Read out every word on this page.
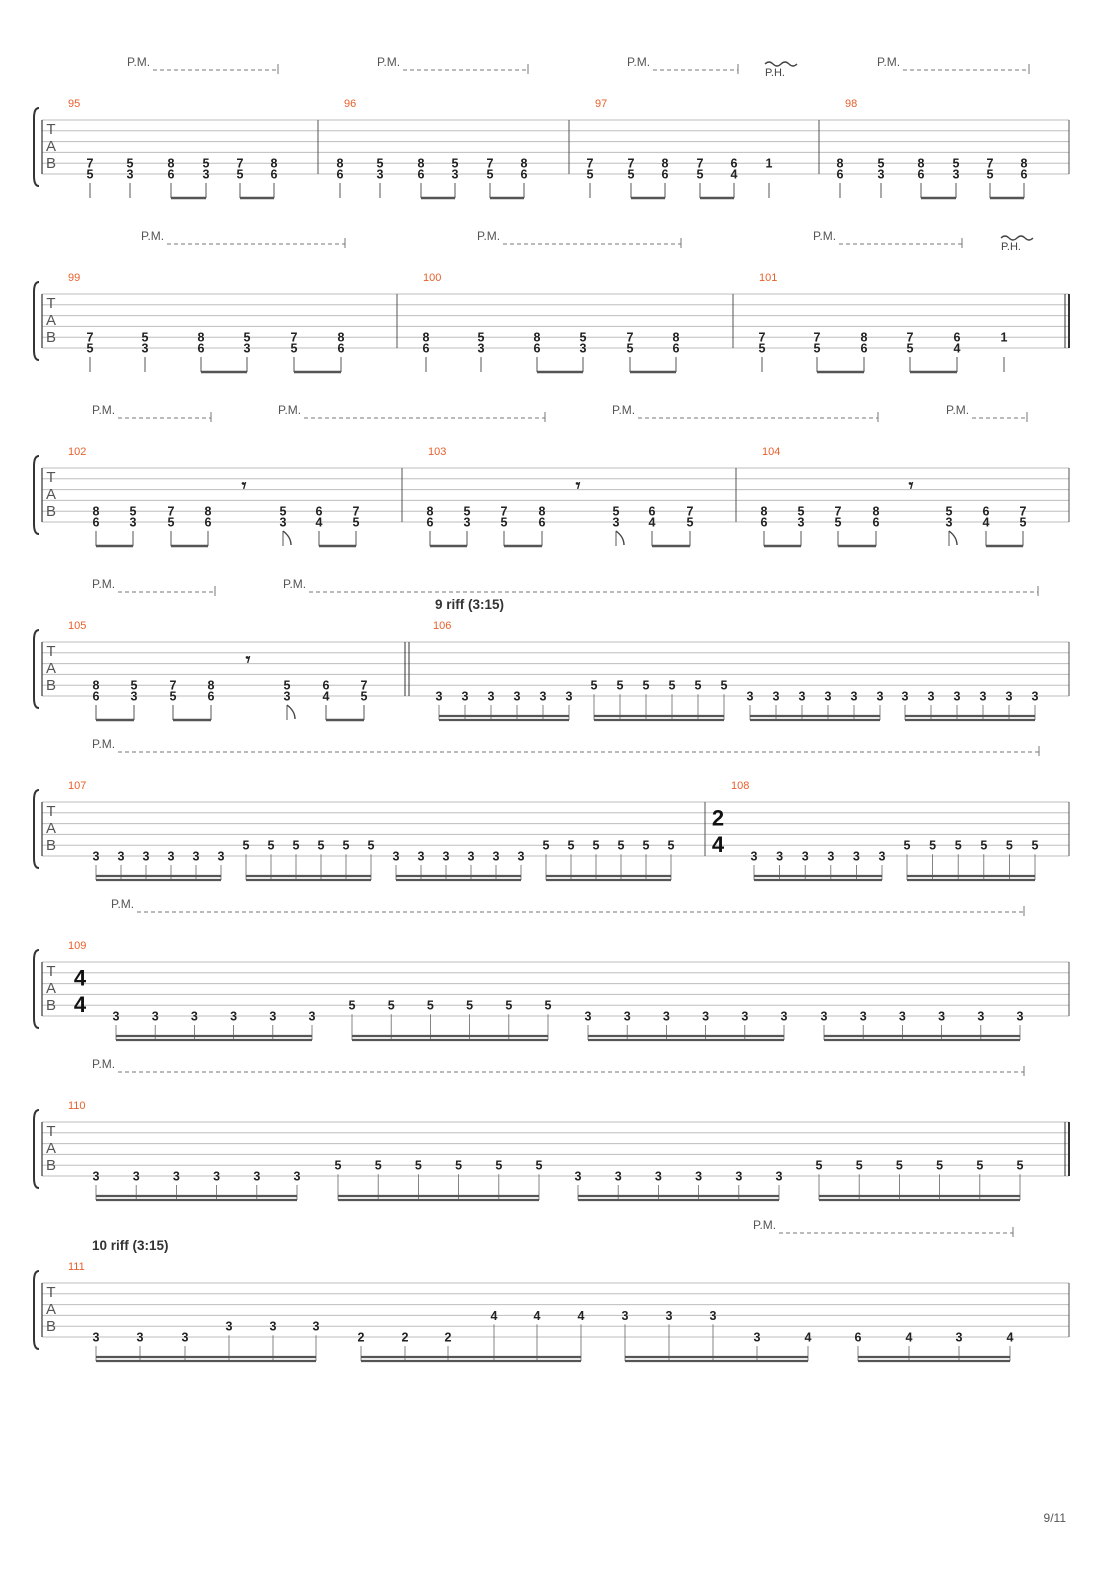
T
A
B
P.M.	P.M.	P.M.
P.H.
P.M.
95
7
5
5
3
8
6
5
3
7
5
8
6
96
8
6
5
3
8
6
5
3
7
5
8
6
97
7
5
7
5
8
6
7
5
6
4
1
98
8
6
5
3
8
6
5
3
7
5
8
6
T
A
B
P.M.	P.M.	P.M.
P.H.
99
7
5
5
3
8
6
5
3
7
5
8
6
100
8
6
5
3
8
6
5
3
7
5
8
6
101
7
5
7
5
8
6
7
5
6
4
1
T
A
B
P.M.	P.M.	P.M.	P.M.
102
8
6
5
3
7
5
8
6
5
3
6
4
7
5
103
8
6
5
3
7
5
8
6
5
3
6
4
7
5
104
8
6
5
3
7
5
8
6
5
3
6
4
7
5
𝄾	𝄾	𝄾
T
A
B
P.M.	P.M.
9 riff (3:15)
105
8
6
5
3
7
5
8
6
5
3
6
4
7
5
106
3 3 3 3 3 3
5 5 5 5 5 5
3 3 3 3 3 3 3 3 3 3 3 3
𝄾
T
A
B
P.M.
107
3 3 3 3 3 3
5 5 5 5 5 5
3 3 3 3 3 3
5 5 5 5 5 5
108
2
4 3 3 3 3 3 3
5 5 5 5 5 5
T
A
B
P.M.
109
4
4 3	3	3	3	3	3
5	5	5	5	5	5
3	3	3	3	3	3	3	3	3	3	3	3
T
A
B
P.M.
110
3	3	3	3	3	3
5	5	5	5	5	5
3	3	3	3	3	3
5	5	5	5	5	5
T
A
B
P.M.
10 riff (3:15)
111
3	3	3
3	3	3
2	2	2
4	4	4	3	3	3
3	4	6	4	3	4
9/11
